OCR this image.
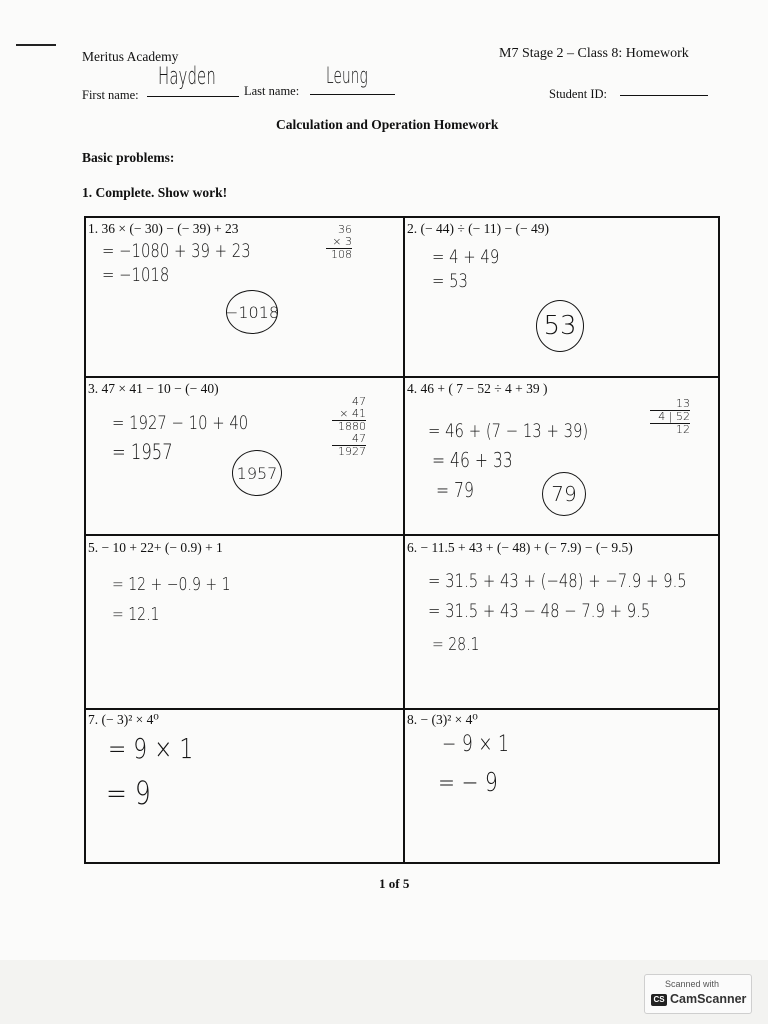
Meritus Academy	M7 Stage 2 – Class 8: Homework
First name:
Hayden
Last name:
Leung
Student ID:
Calculation and Operation Homework
Basic problems:
1. Complete. Show work!
1. 36 × (− 30) − (− 39) + 23
= −1080 + 39 + 23
= −1018
−1018
36
× 3
108
2. (− 44) ÷ (− 11) − (− 49)
= 4 + 49
= 53
53
3. 47 × 41 − 10 − (− 40)
= 1927 − 10 + 40
= 1957
1957
47
× 41
1880
47
1927
4. 46 + ( 7 − 52 ÷ 4 + 39 )
= 46 + (7 − 13 + 39)
= 46 + 33
= 79	79
13
4 | 52
12
5. − 10 + 22+ (− 0.9) + 1
= 12 + −0.9 + 1
= 12.1
6. − 11.5 + 43 + (− 48) + (− 7.9) − (− 9.5)
= 31.5 + 43 + (−48) + −7.9 + 9.5
= 31.5 + 43 − 48 − 7.9 + 9.5
= 28.1
7. (− 3)² × 4⁰
= 9 × 1
= 9
8. − (3)² × 4⁰
− 9 × 1
= − 9
1 of 5
Scanned with
CS CamScanner
